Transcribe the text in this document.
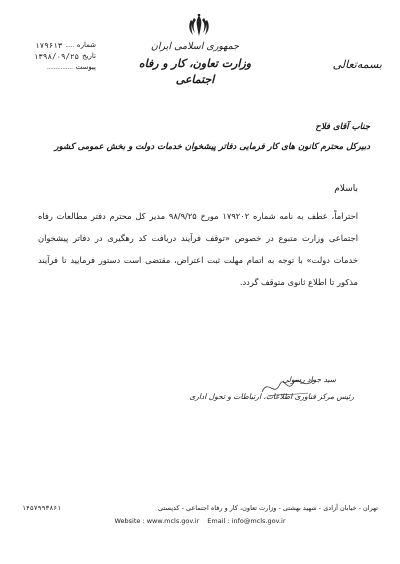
جمهوری اسلامی ایران
وزارت تعاون، کار و رفاه اجتماعی
بسمه‌تعالی
شماره
.....
۱۷۹۶۱۳
تاریخ
۱۳۹۸/۰۹/۲۵
پیوست
...............
جناب آقای فلاح
دبیرکل محترم کانون های کار فرمایی دفاتر پیشخوان خدمات دولت و بخش عمومی کشور
باسلام
احتراماً، عطف به نامه شماره ۱۷۹۲۰۲ مورخ ۹۸/۹/۲۵ مدیر کل محترم دفتر مطالعات رفاه اجتماعی وزارت متبوع در خصوص «توقف فرآیند دریافت کد رهگیری در دفاتر پیشخوان خدمات دولت» با توجه به اتمام مهلت ثبت اعتراض، مقتضی است دستور فرمایید تا فرآیند مذکور تا اطلاع ثانوی متوقف گردد.
سید جواد رسولی
رئیس مرکز فناوری اطلاعات، ارتباطات و تحول اداری
۱۴۵۷۹۹۳۸۶۱	تهران - خیابان آزادی - شهید بهشتی - وزارت تعاون، کار و رفاه اجتماعی - کدپستی
Website : www.mcls.gov.ir Email : info@mcls.gov.ir
